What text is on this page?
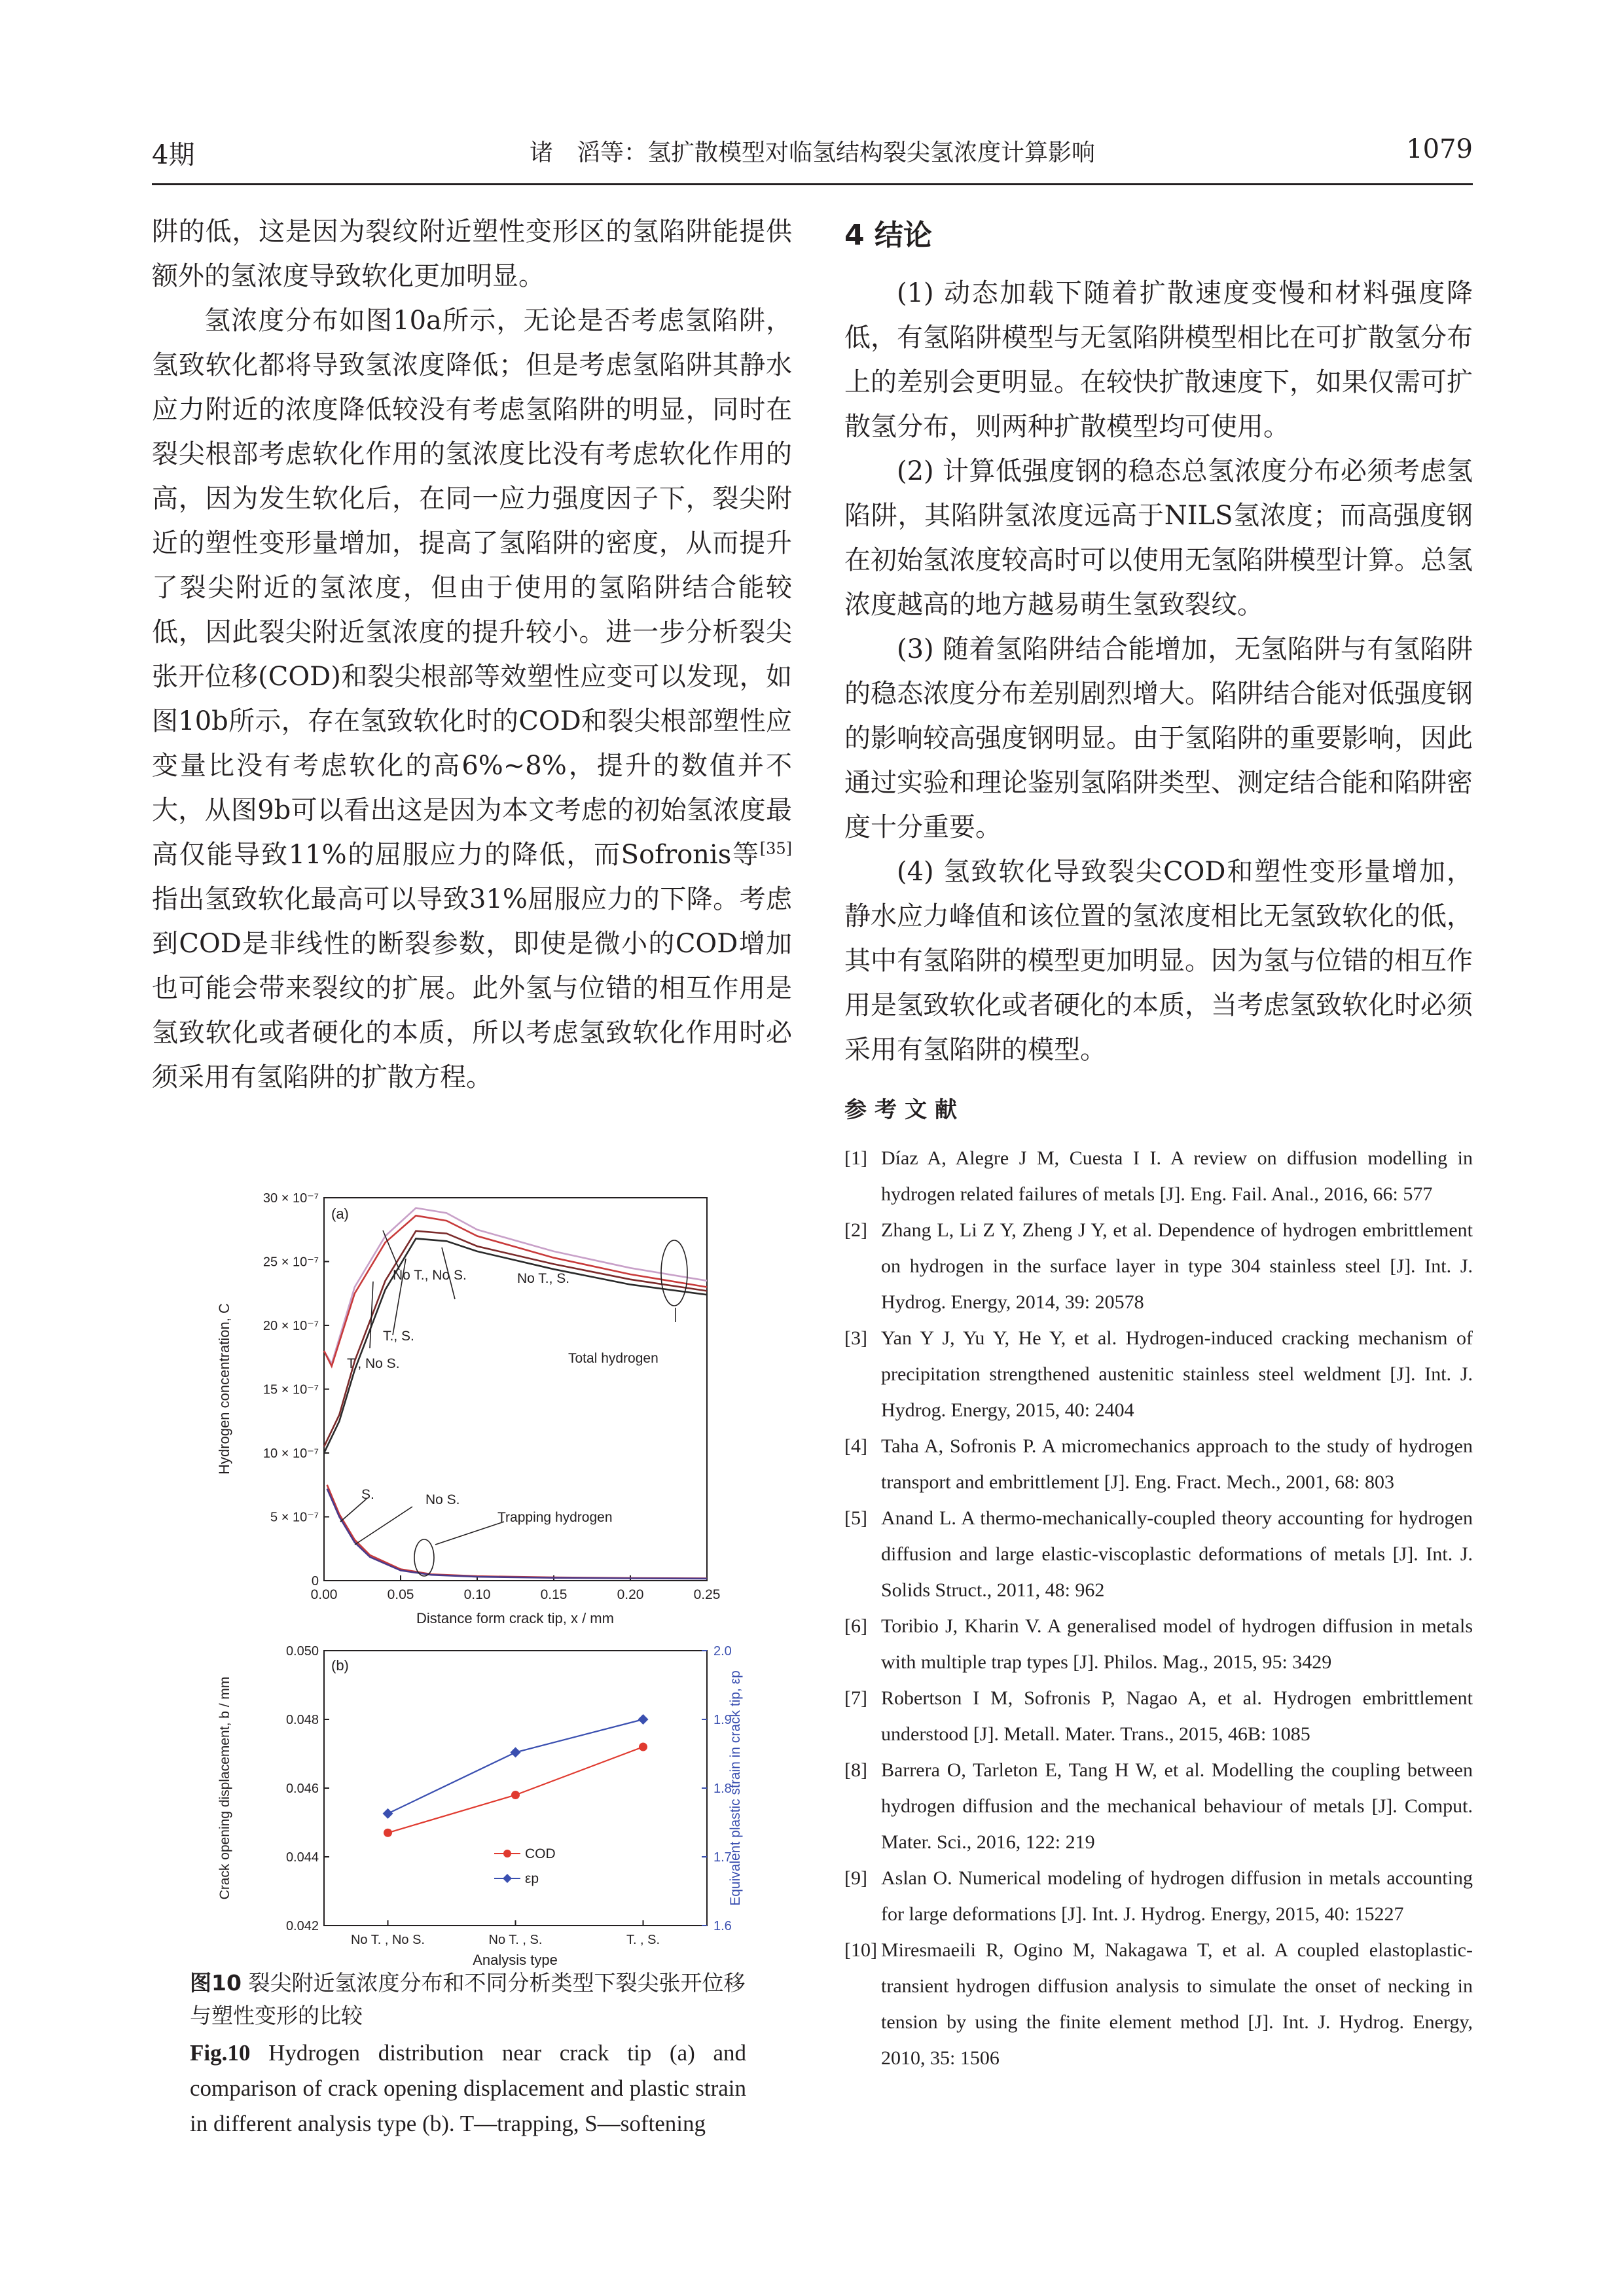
4期	诸　滔等：氢扩散模型对临氢结构裂尖氢浓度计算影响	1079

阱的低，这是因为裂纹附近塑性变形区的氢陷阱能提供额外的氢浓度导致软化更加明显。

氢浓度分布如图10a所示，无论是否考虑氢陷阱，氢致软化都将导致氢浓度降低；但是考虑氢陷阱其静水应力附近的浓度降低较没有考虑氢陷阱的明显，同时在裂尖根部考虑软化作用的氢浓度比没有考虑软化作用的高，因为发生软化后，在同一应力强度因子下，裂尖附近的塑性变形量增加，提高了氢陷阱的密度，从而提升了裂尖附近的氢浓度，但由于使用的氢陷阱结合能较低，因此裂尖附近氢浓度的提升较小。进一步分析裂尖张开位移(COD)和裂尖根部等效塑性应变可以发现，如图10b所示，存在氢致软化时的COD和裂尖根部塑性应变量比没有考虑软化的高6%~8%，提升的数值并不大，从图9b可以看出这是因为本文考虑的初始氢浓度最高仅能导致11%的屈服应力的降低，而Sofronis等[35]指出氢致软化最高可以导致31%屈服应力的下降。考虑到COD是非线性的断裂参数，即使是微小的COD增加也可能会带来裂纹的扩展。此外氢与位错的相互作用是氢致软化或者硬化的本质，所以考虑氢致软化作用时必须采用有氢陷阱的扩散方程。

(a)
0.00	0.05	0.10	0.15	0.20	0.25
0
5 × 10⁻⁷
10 × 10⁻⁷
15 × 10⁻⁷
20 × 10⁻⁷
25 × 10⁻⁷
30 × 10⁻⁷
Distance form crack tip, x / mm
Hydrogen concentration, C
No T., No S.	No T., S.
T., S.
T., No S.	Total hydrogen
S.	No S.
Trapping hydrogen
(b)
No T. , No S.	No T. , S.	T. , S.
0.042
0.044
0.046
0.048
0.050
1.6
1.7
1.8
1.9
2.0
Analysis type
Crack opening displacement, b / mm	Equivalent plastic strain in crack tip, εp
COD
εp
图10 裂尖附近氢浓度分布和不同分析类型下裂尖张开位移与塑性变形的比较
Fig.10 Hydrogen distribution near crack tip (a) and comparison of crack opening displacement and plastic strain in different analysis type (b). T—trapping, S—softening
4 结论

(1) 动态加载下随着扩散速度变慢和材料强度降低，有氢陷阱模型与无氢陷阱模型相比在可扩散氢分布上的差别会更明显。在较快扩散速度下，如果仅需可扩散氢分布，则两种扩散模型均可使用。

(2) 计算低强度钢的稳态总氢浓度分布必须考虑氢陷阱，其陷阱氢浓度远高于NILS氢浓度；而高强度钢在初始氢浓度较高时可以使用无氢陷阱模型计算。总氢浓度越高的地方越易萌生氢致裂纹。

(3) 随着氢陷阱结合能增加，无氢陷阱与有氢陷阱的稳态浓度分布差别剧烈增大。陷阱结合能对低强度钢的影响较高强度钢明显。由于氢陷阱的重要影响，因此通过实验和理论鉴别氢陷阱类型、测定结合能和陷阱密度十分重要。

(4) 氢致软化导致裂尖COD和塑性变形量增加，静水应力峰值和该位置的氢浓度相比无氢致软化的低，其中有氢陷阱的模型更加明显。因为氢与位错的相互作用是氢致软化或者硬化的本质，当考虑氢致软化时必须采用有氢陷阱的模型。

参考文献
[1] Díaz A, Alegre J M, Cuesta I I. A review on diffusion modelling in hydrogen related failures of metals [J]. Eng. Fail. Anal., 2016, 66: 577
[2] Zhang L, Li Z Y, Zheng J Y, et al. Dependence of hydrogen embrittlement on hydrogen in the surface layer in type 304 stainless steel [J]. Int. J. Hydrog. Energy, 2014, 39: 20578
[3] Yan Y J, Yu Y, He Y, et al. Hydrogen-induced cracking mechanism of precipitation strengthened austenitic stainless steel weldment [J]. Int. J. Hydrog. Energy, 2015, 40: 2404
[4] Taha A, Sofronis P. A micromechanics approach to the study of hydrogen transport and embrittlement [J]. Eng. Fract. Mech., 2001, 68: 803
[5] Anand L. A thermo-mechanically-coupled theory accounting for hydrogen diffusion and large elastic-viscoplastic deformations of metals [J]. Int. J. Solids Struct., 2011, 48: 962
[6] Toribio J, Kharin V. A generalised model of hydrogen diffusion in metals with multiple trap types [J]. Philos. Mag., 2015, 95: 3429
[7] Robertson I M, Sofronis P, Nagao A, et al. Hydrogen embrittlement understood [J]. Metall. Mater. Trans., 2015, 46B: 1085
[8] Barrera O, Tarleton E, Tang H W, et al. Modelling the coupling between hydrogen diffusion and the mechanical behaviour of metals [J]. Comput. Mater. Sci., 2016, 122: 219
[9] Aslan O. Numerical modeling of hydrogen diffusion in metals accounting for large deformations [J]. Int. J. Hydrog. Energy, 2015, 40: 15227
[10] Miresmaeili R, Ogino M, Nakagawa T, et al. A coupled elastoplastic-transient hydrogen diffusion analysis to simulate the onset of necking in tension by using the finite element method [J]. Int. J. Hydrog. Energy, 2010, 35: 1506
